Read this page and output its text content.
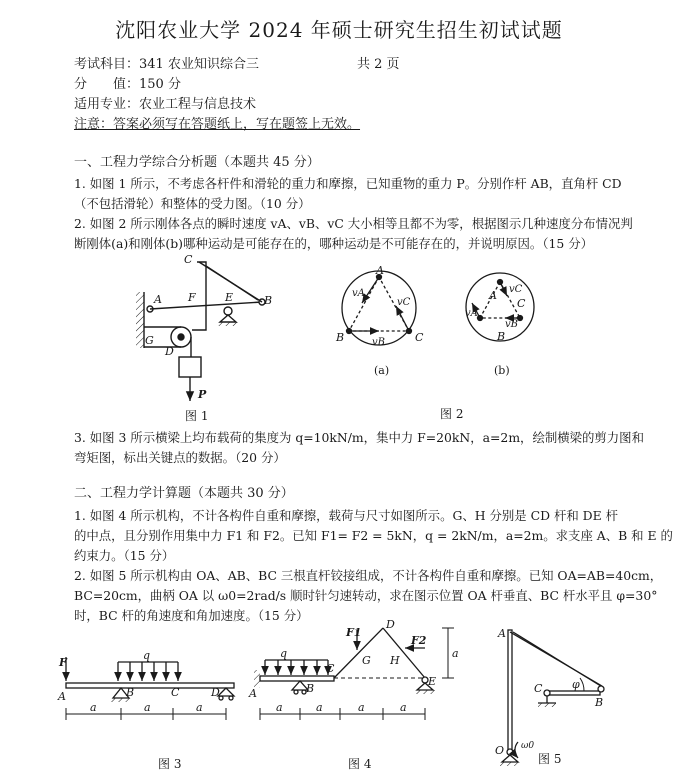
沈阳农业大学 2024 年硕士研究生招生初试试题
考试科目：341 农业知识综合三	共 2 页
分　　值：150 分
适用专业：农业工程与信息技术
注意：答案必须写在答题纸上，写在题签上无效。
一、工程力学综合分析题（本题共 45 分）
1. 如图 1 所示，不考虑各杆件和滑轮的重力和摩擦，已知重物的重力 P。分别作杆 AB，直角杆 CD
（不包括滑轮）和整体的受力图。（10 分）
2. 如图 2 所示刚体各点的瞬时速度 vA、vB、vC 大小相等且都不为零，根据图示几种速度分布情况判
断刚体(a)和刚体(b)哪种运动是可能存在的，哪种运动是不可能存在的，并说明原因。（15 分）
3. 如图 3 所示横梁上均布载荷的集度为 q=10kN/m，集中力 F=20kN，a=2m，绘制横梁的剪力图和
弯矩图，标出关键点的数据。（20 分）
二、工程力学计算题（本题共 30 分）
1. 如图 4 所示机构，不计各构件自重和摩擦，载荷与尺寸如图所示。G、H 分别是 CD 杆和 DE 杆
的中点，且分别作用集中力 F1 和 F2。已知 F1= F2 = 5kN，q = 2kN/m，a=2m。求支座 A、B 和 E 的
约束力。（15 分）
2. 如图 5 所示机构由 OA、AB、BC 三根直杆铰接组成，不计各构件自重和摩擦。已知 OA=AB=40cm，
BC=20cm，曲柄 OA 以 ω0=2rad/s 顺时针匀速转动，求在图示位置 OA 杆垂直、BC 杆水平且 φ=30°
时，BC 杆的角速度和角加速度。（15 分）
C
F	E	B
A
G
D
P
图 1
A
B	C
vA
vB
vC
(a)
A
B
C
vA
vB
vC
(b)
图 2
F
q
A	B	C	D
a	a	a
图 3
q
A	B
C
D
G H
E
F1
F2
a
a	a	a	a
图 4
A
B
C
O
φ
ω0
图 5
